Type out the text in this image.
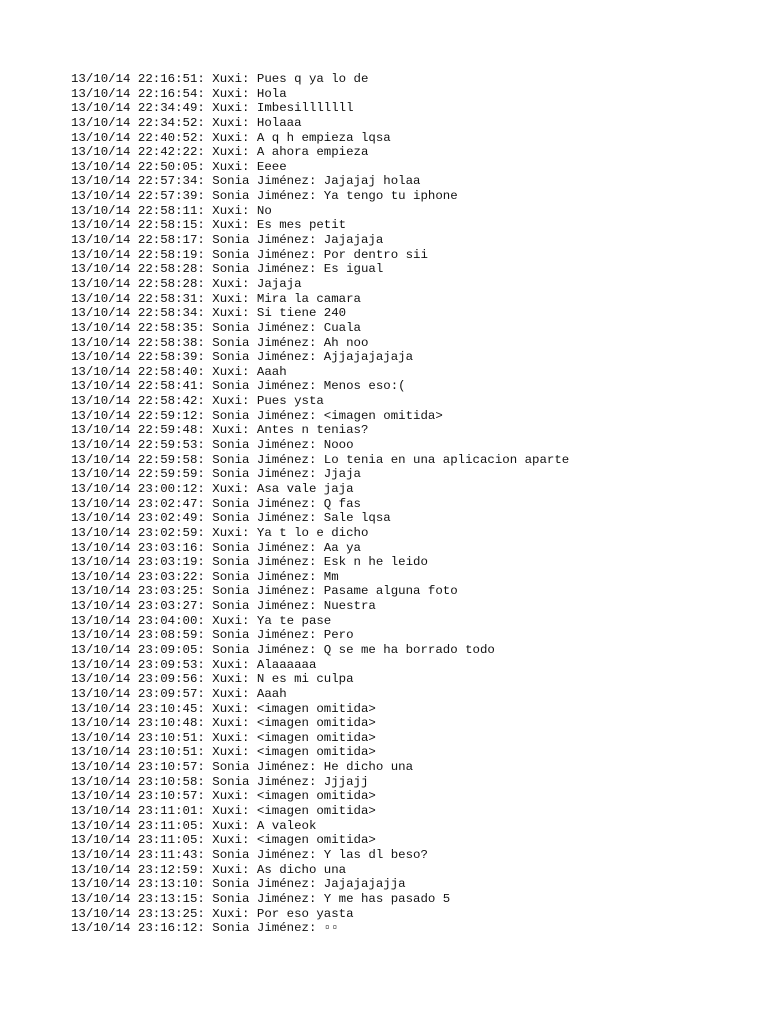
13/10/14 22:16:51: Xuxi: Pues q ya lo de
13/10/14 22:16:54: Xuxi: Hola
13/10/14 22:34:49: Xuxi: Imbesilllllll
13/10/14 22:34:52: Xuxi: Holaaa
13/10/14 22:40:52: Xuxi: A q h empieza lqsa
13/10/14 22:42:22: Xuxi: A ahora empieza
13/10/14 22:50:05: Xuxi: Eeee
13/10/14 22:57:34: Sonia Jiménez: Jajajaj holaa
13/10/14 22:57:39: Sonia Jiménez: Ya tengo tu iphone
13/10/14 22:58:11: Xuxi: No
13/10/14 22:58:15: Xuxi: Es mes petit
13/10/14 22:58:17: Sonia Jiménez: Jajajaja
13/10/14 22:58:19: Sonia Jiménez: Por dentro sii
13/10/14 22:58:28: Sonia Jiménez: Es igual
13/10/14 22:58:28: Xuxi: Jajaja
13/10/14 22:58:31: Xuxi: Mira la camara
13/10/14 22:58:34: Xuxi: Si tiene 240
13/10/14 22:58:35: Sonia Jiménez: Cuala
13/10/14 22:58:38: Sonia Jiménez: Ah noo
13/10/14 22:58:39: Sonia Jiménez: Ajjajajajaja
13/10/14 22:58:40: Xuxi: Aaah
13/10/14 22:58:41: Sonia Jiménez: Menos eso:(
13/10/14 22:58:42: Xuxi: Pues ysta
13/10/14 22:59:12: Sonia Jiménez: <imagen omitida>
13/10/14 22:59:48: Xuxi: Antes n tenias?
13/10/14 22:59:53: Sonia Jiménez: Nooo
13/10/14 22:59:58: Sonia Jiménez: Lo tenia en una aplicacion aparte
13/10/14 22:59:59: Sonia Jiménez: Jjaja
13/10/14 23:00:12: Xuxi: Asa vale jaja
13/10/14 23:02:47: Sonia Jiménez: Q fas
13/10/14 23:02:49: Sonia Jiménez: Sale lqsa
13/10/14 23:02:59: Xuxi: Ya t lo e dicho
13/10/14 23:03:16: Sonia Jiménez: Aa ya
13/10/14 23:03:19: Sonia Jiménez: Esk n he leido
13/10/14 23:03:22: Sonia Jiménez: Mm
13/10/14 23:03:25: Sonia Jiménez: Pasame alguna foto
13/10/14 23:03:27: Sonia Jiménez: Nuestra
13/10/14 23:04:00: Xuxi: Ya te pase
13/10/14 23:08:59: Sonia Jiménez: Pero
13/10/14 23:09:05: Sonia Jiménez: Q se me ha borrado todo
13/10/14 23:09:53: Xuxi: Alaaaaaa
13/10/14 23:09:56: Xuxi: N es mi culpa
13/10/14 23:09:57: Xuxi: Aaah
13/10/14 23:10:45: Xuxi: <imagen omitida>
13/10/14 23:10:48: Xuxi: <imagen omitida>
13/10/14 23:10:51: Xuxi: <imagen omitida>
13/10/14 23:10:51: Xuxi: <imagen omitida>
13/10/14 23:10:57: Sonia Jiménez: He dicho una
13/10/14 23:10:58: Sonia Jiménez: Jjjajj
13/10/14 23:10:57: Xuxi: <imagen omitida>
13/10/14 23:11:01: Xuxi: <imagen omitida>
13/10/14 23:11:05: Xuxi: A valeok
13/10/14 23:11:05: Xuxi: <imagen omitida>
13/10/14 23:11:43: Sonia Jiménez: Y las dl beso?
13/10/14 23:12:59: Xuxi: As dicho una
13/10/14 23:13:10: Sonia Jiménez: Jajajajajja
13/10/14 23:13:15: Sonia Jiménez: Y me has pasado 5
13/10/14 23:13:25: Xuxi: Por eso yasta
13/10/14 23:16:12: Sonia Jiménez: ▫▫
